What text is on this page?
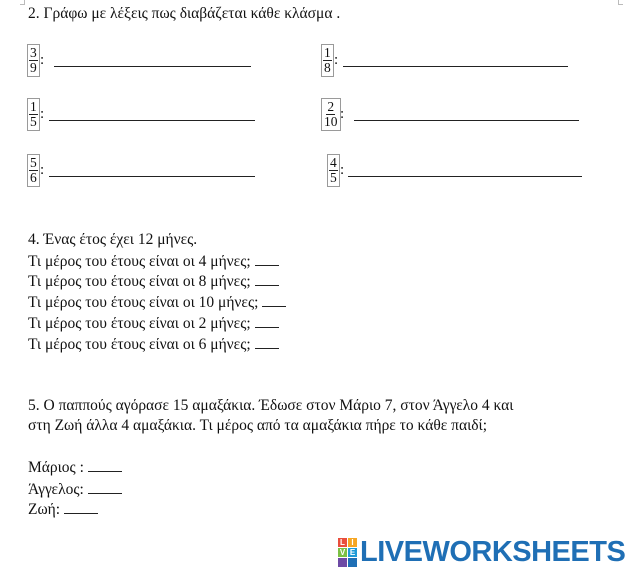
2. Γράφω με λέξεις πως διαβάζεται κάθε κλάσμα .
$\frac{3}{9}$ :	$\frac{1}{8}$ :
$\frac{1}{5}$ :	$\frac{2}{10}$ :
$\frac{5}{6}$ :	$\frac{4}{5}$ :
4. Ένας έτος έχει 12 μήνες.
Τι μέρος του έτους είναι οι 4 μήνες;
Τι μέρος του έτους είναι οι 8 μήνες;
Τι μέρος του έτους είναι οι 10 μήνες;
Τι μέρος του έτους είναι οι 2 μήνες;
Τι μέρος του έτους είναι οι 6 μήνες;
5. Ο παππούς αγόρασε 15 αμαξάκια. Έδωσε στον Μάριο 7, στον Άγγελο 4 και
στη Ζωή άλλα 4 αμαξάκια. Τι μέρος από τα αμαξάκια πήρε το κάθε παιδί;
Μάριος :
Άγγελος:
Ζωή:
L I
V E LIVEWORKSHEETS
